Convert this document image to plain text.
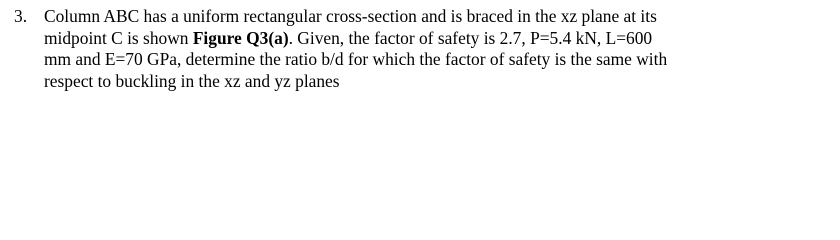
3. Column ABC has a uniform rectangular cross-section and is braced in the xz plane at its
midpoint C is shown Figure Q3(a). Given, the factor of safety is 2.7, P=5.4 kN, L=600
mm and E=70 GPa, determine the ratio b/d for which the factor of safety is the same with
respect to buckling in the xz and yz planes
